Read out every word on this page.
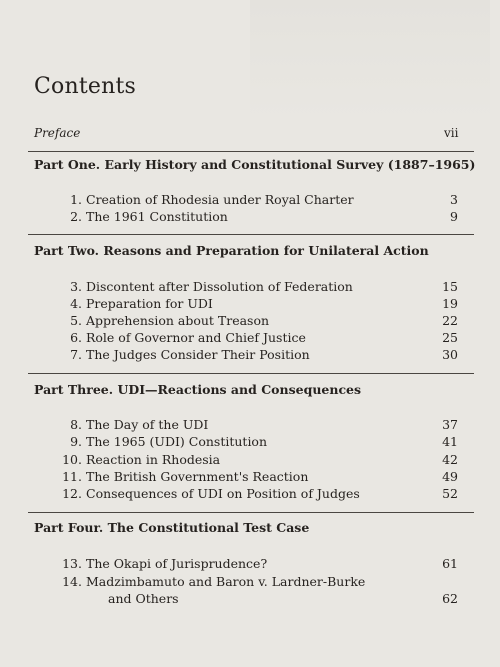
Contents
Preface	vii
Part One. Early History and Constitutional Survey (1887–1965)
1. Creation of Rhodesia under Royal Charter	3
2. The 1961 Constitution	9
Part Two. Reasons and Preparation for Unilateral Action
3. Discontent after Dissolution of Federation	15
4. Preparation for UDI	19
5. Apprehension about Treason	22
6. Role of Governor and Chief Justice	25
7. The Judges Consider Their Position	30
Part Three. UDI—Reactions and Consequences
8. The Day of the UDI	37
9. The 1965 (UDI) Constitution	41
10. Reaction in Rhodesia	42
11. The British Government's Reaction	49
12. Consequences of UDI on Position of Judges	52
Part Four. The Constitutional Test Case
13. The Okapi of Jurisprudence?	61
14. Madzimbamuto and Baron v. Lardner-Burke
and Others	62
